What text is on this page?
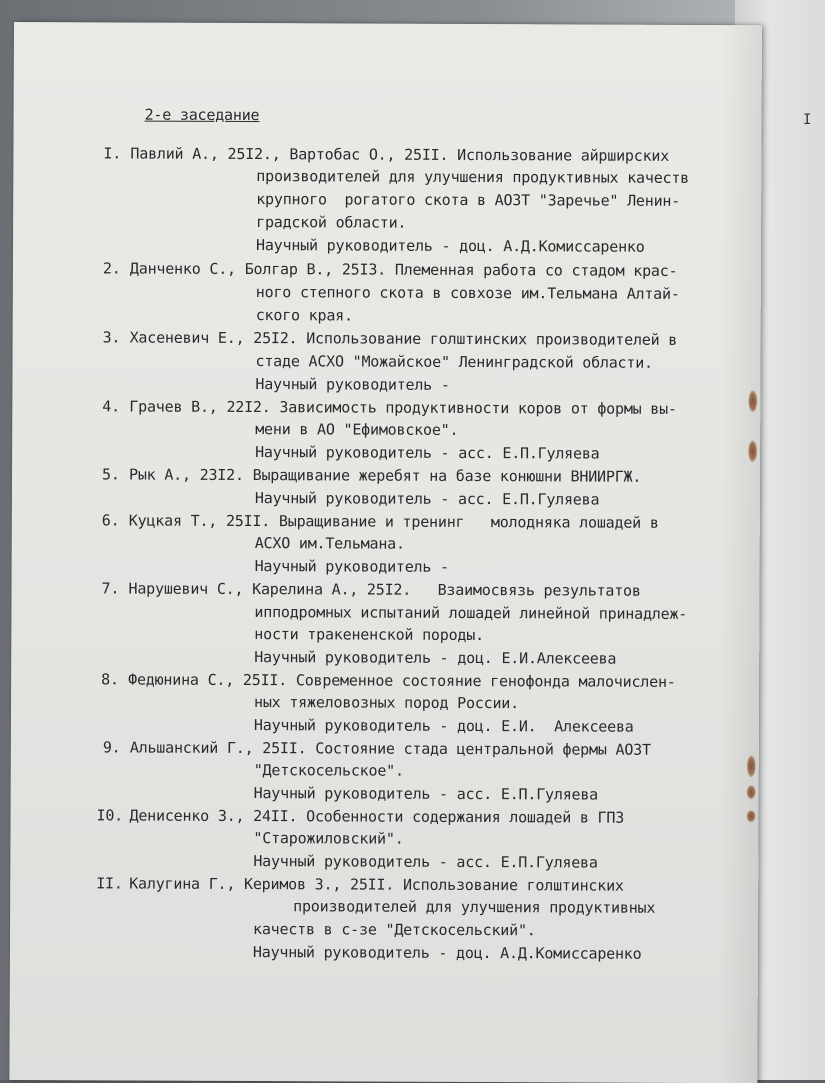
I
2-е заседание
I. Павлий А., 25I2., Вартобас О., 25II. Использование айрширских
производителей для улучшения продуктивных качеств
крупного  рогатого скота в АОЗТ "Заречье" Ленин-
градской области.
Научный руководитель - доц. А.Д.Комиссаренко
2. Данченко С., Болгар В., 25I3. Племенная работа со стадом крас-
ного степного скота в совхозе им.Тельмана Алтай-
ского края.
3. Хасеневич Е., 25I2. Использование голштинских производителей в
стаде АСХО "Можайское" Ленинградской области.
Научный руководитель -
4. Грачев В., 22I2. Зависимость продуктивности коров от формы вы-
мени в АО "Ефимовское".
Научный руководитель - асс. Е.П.Гуляева
5. Рык А., 23I2. Выращивание жеребят на базе конюшни ВНИИРГЖ.
Научный руководитель - асс. Е.П.Гуляева
6. Куцкая Т., 25II. Выращивание и тренинг   молодняка лошадей в
АСХО им.Тельмана.
Научный руководитель -
7. Нарушевич С., Карелина А., 25I2.   Взаимосвязь результатов
ипподромных испытаний лошадей линейной принадлеж-
ности тракененской породы.
Научный руководитель - доц. Е.И.Алексеева
8. Федюнина С., 25II. Современное состояние генофонда малочислен-
ных тяжеловозных пород России.
Научный руководитель - доц. Е.И.  Алексеева
9. Альшанский Г., 25II. Состояние стада центральной фермы АОЗТ
"Детскосельское".
Научный руководитель - асс. Е.П.Гуляева
I0. Денисенко З., 24II. Особенности содержания лошадей в ГПЗ
"Старожиловский".
Научный руководитель - асс. Е.П.Гуляева
II. Калугина Г., Керимов З., 25II. Использование голштинских
производителей для улучшения продуктивных
качеств в с-зе "Детскосельский".
Научный руководитель - доц. А.Д.Комиссаренко
